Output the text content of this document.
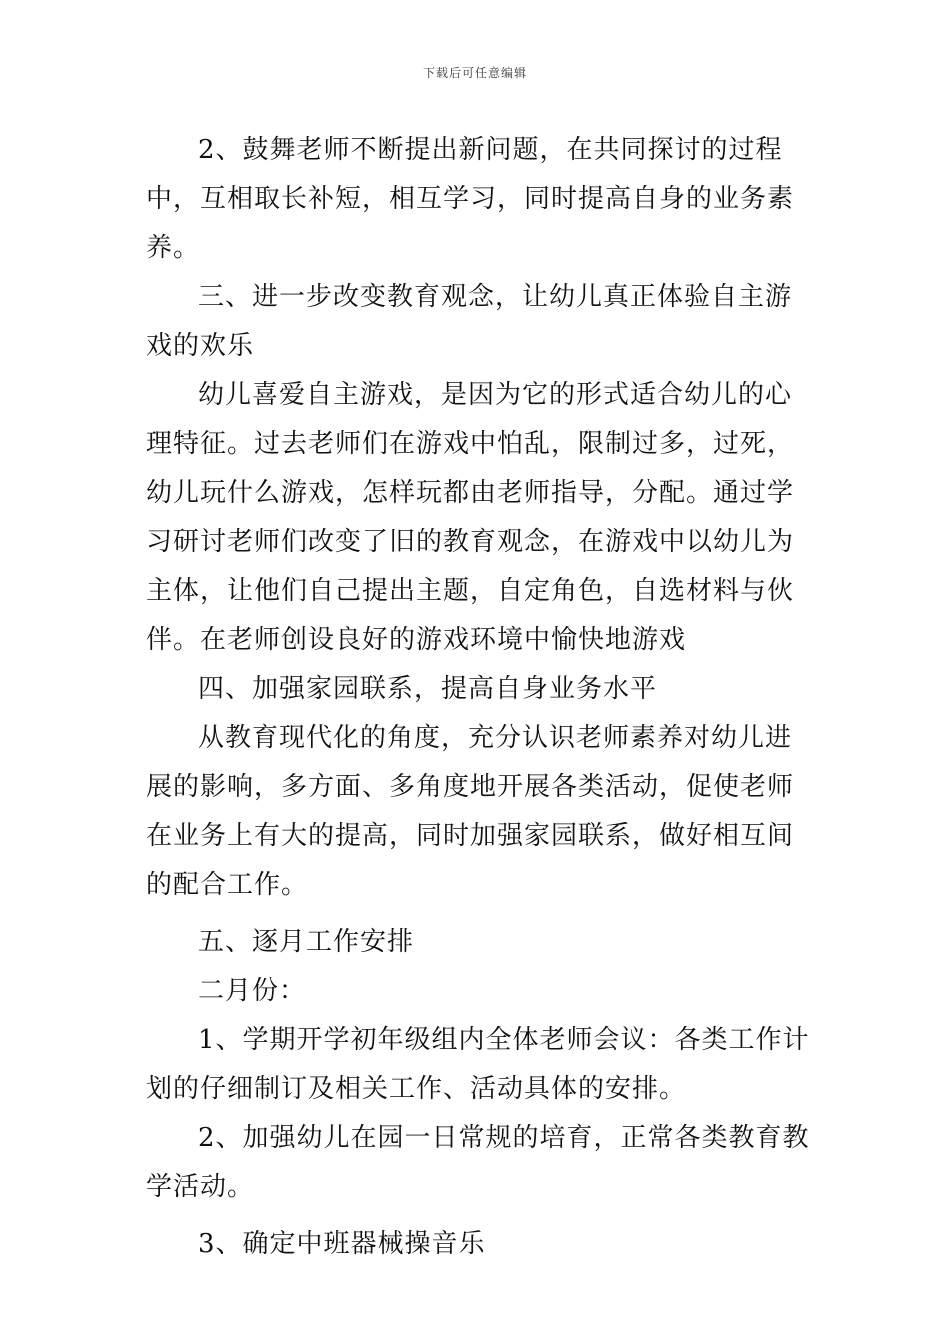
下载后可任意编辑

2、鼓舞老师不断提出新问题，在共同探讨的过程中，互相取长补短，相互学习，同时提高自身的业务素养。

三、进一步改变教育观念，让幼儿真正体验自主游戏的欢乐

幼儿喜爱自主游戏，是因为它的形式适合幼儿的心理特征。过去老师们在游戏中怕乱，限制过多，过死，幼儿玩什么游戏，怎样玩都由老师指导，分配。通过学习研讨老师们改变了旧的教育观念，在游戏中以幼儿为主体，让他们自己提出主题，自定角色，自选材料与伙伴。在老师创设良好的游戏环境中愉快地游戏

四、加强家园联系，提高自身业务水平

从教育现代化的角度，充分认识老师素养对幼儿进展的影响，多方面、多角度地开展各类活动，促使老师在业务上有大的提高，同时加强家园联系，做好相互间的配合工作。

五、逐月工作安排

二月份：

1、学期开学初年级组内全体老师会议：各类工作计划的仔细制订及相关工作、活动具体的安排。

2、加强幼儿在园一日常规的培育，正常各类教育教学活动。

3、确定中班器械操音乐
